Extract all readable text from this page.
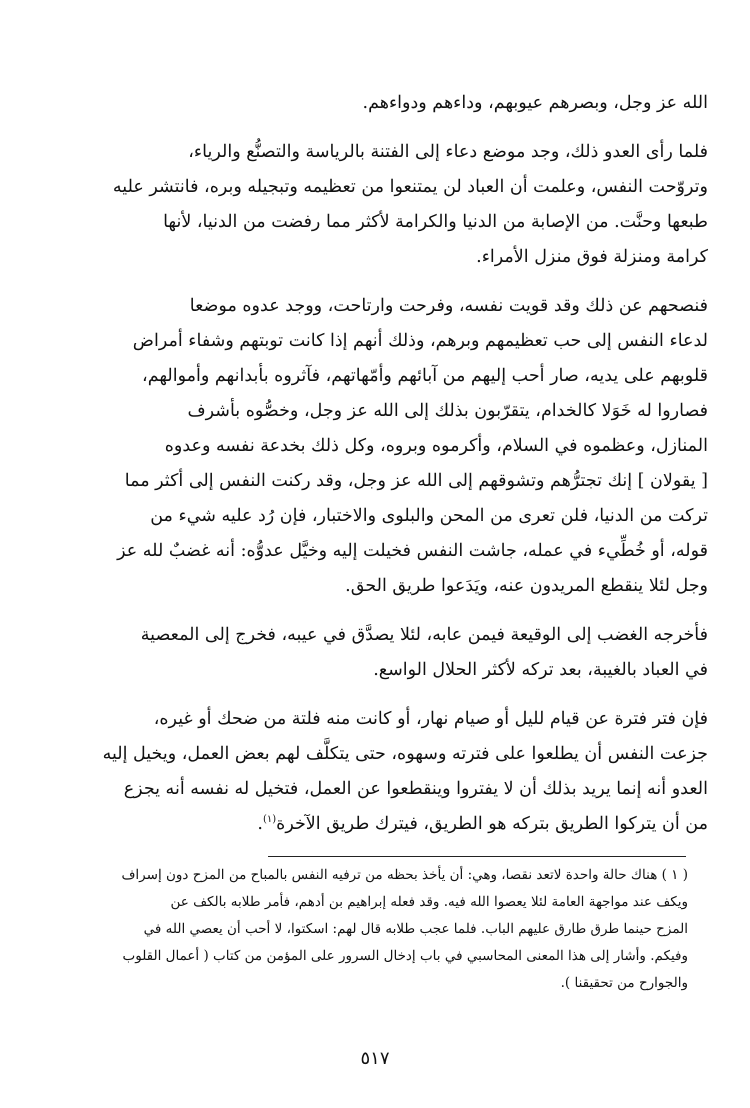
الله عز وجل، وبصرهم عيوبهم، وداءهم ودواءهم.

فلما رأى العدو ذلك، وجد موضع دعاء إلى الفتنة بالرياسة والتصنُّع والرياء،

وتروّحت النفس، وعلمت أن العباد لن يمتنعوا من تعظيمه وتبجيله وبره، فانتشر عليه

طبعها وحنَّت. من الإصابة من الدنيا والكرامة لأكثر مما رفضت من الدنيا، لأنها

كرامة ومنزلة فوق منزل الأمراء.

فنصحهم عن ذلك وقد قويت نفسه، وفرحت وارتاحت، ووجد عدوه موضعا

لدعاء النفس إلى حب تعظيمهم وبرهم، وذلك أنهم إذا كانت توبتهم وشفاء أمراض

قلوبهم على يديه، صار أحب إليهم من آبائهم وأمّهاتهم، فآثروه بأبدانهم وأموالهم،

فصاروا له خَوَلا كالخدام، يتقرّبون بذلك إلى الله عز وجل، وخصُّوه بأشرف

المنازل، وعظموه في السلام، وأكرموه وبروه، وكل ذلك بخدعة نفسه وعدوه

[ يقولان ] إنك تجترُّهم وتشوقهم إلى الله عز وجل، وقد ركنت النفس إلى أكثر مما

تركت من الدنيا، فلن تعرى من المحن والبلوى والاختبار، فإن رُد عليه شيء من

قوله، أو خُطِّيء في عمله، جاشت النفس فخيلت إليه وخيَّل عدوُّه: أنه غضبٌ لله عز

وجل لئلا ينقطع المريدون عنه، ويَدَعوا طريق الحق.

فأخرجه الغضب إلى الوقيعة فيمن عابه، لئلا يصدَّق في عيبه، فخرج إلى المعصية

في العباد بالغيبة، بعد تركه لأكثر الحلال الواسع.

فإن فتر فترة عن قيام لليل أو صيام نهار، أو كانت منه فلتة من ضحك أو غيره،

جزعت النفس أن يطلعوا على فترته وسهوه، حتى يتكلَّف لهم بعض العمل، ويخيل إليه

العدو أنه إنما يريد بذلك أن لا يفتروا وينقطعوا عن العمل، فتخيل له نفسه أنه يجزع

من أن يتركوا الطريق بتركه هو الطريق، فيترك طريق الآخرة$^{(١)}$.

( ١ ) هناك حالة واحدة لاتعد نقصا، وهي: أن يأخذ بحظه من ترفيه النفس بالمباح من المزح دون إسراف

ويكف عند مواجهة العامة لئلا يعصوا الله فيه. وقد فعله إبراهيم بن أدهم، فأمر طلابه بالكف عن

المزح حينما طرق طارق عليهم الباب. فلما عجب طلابه قال لهم: اسكتوا، لا أحب أن يعصي الله في

وفيكم. وأشار إلى هذا المعنى المحاسبي في باب إدخال السرور على المؤمن من كتاب ( أعمال القلوب

والجوارح من تحقيقنا ).

٥١٧
